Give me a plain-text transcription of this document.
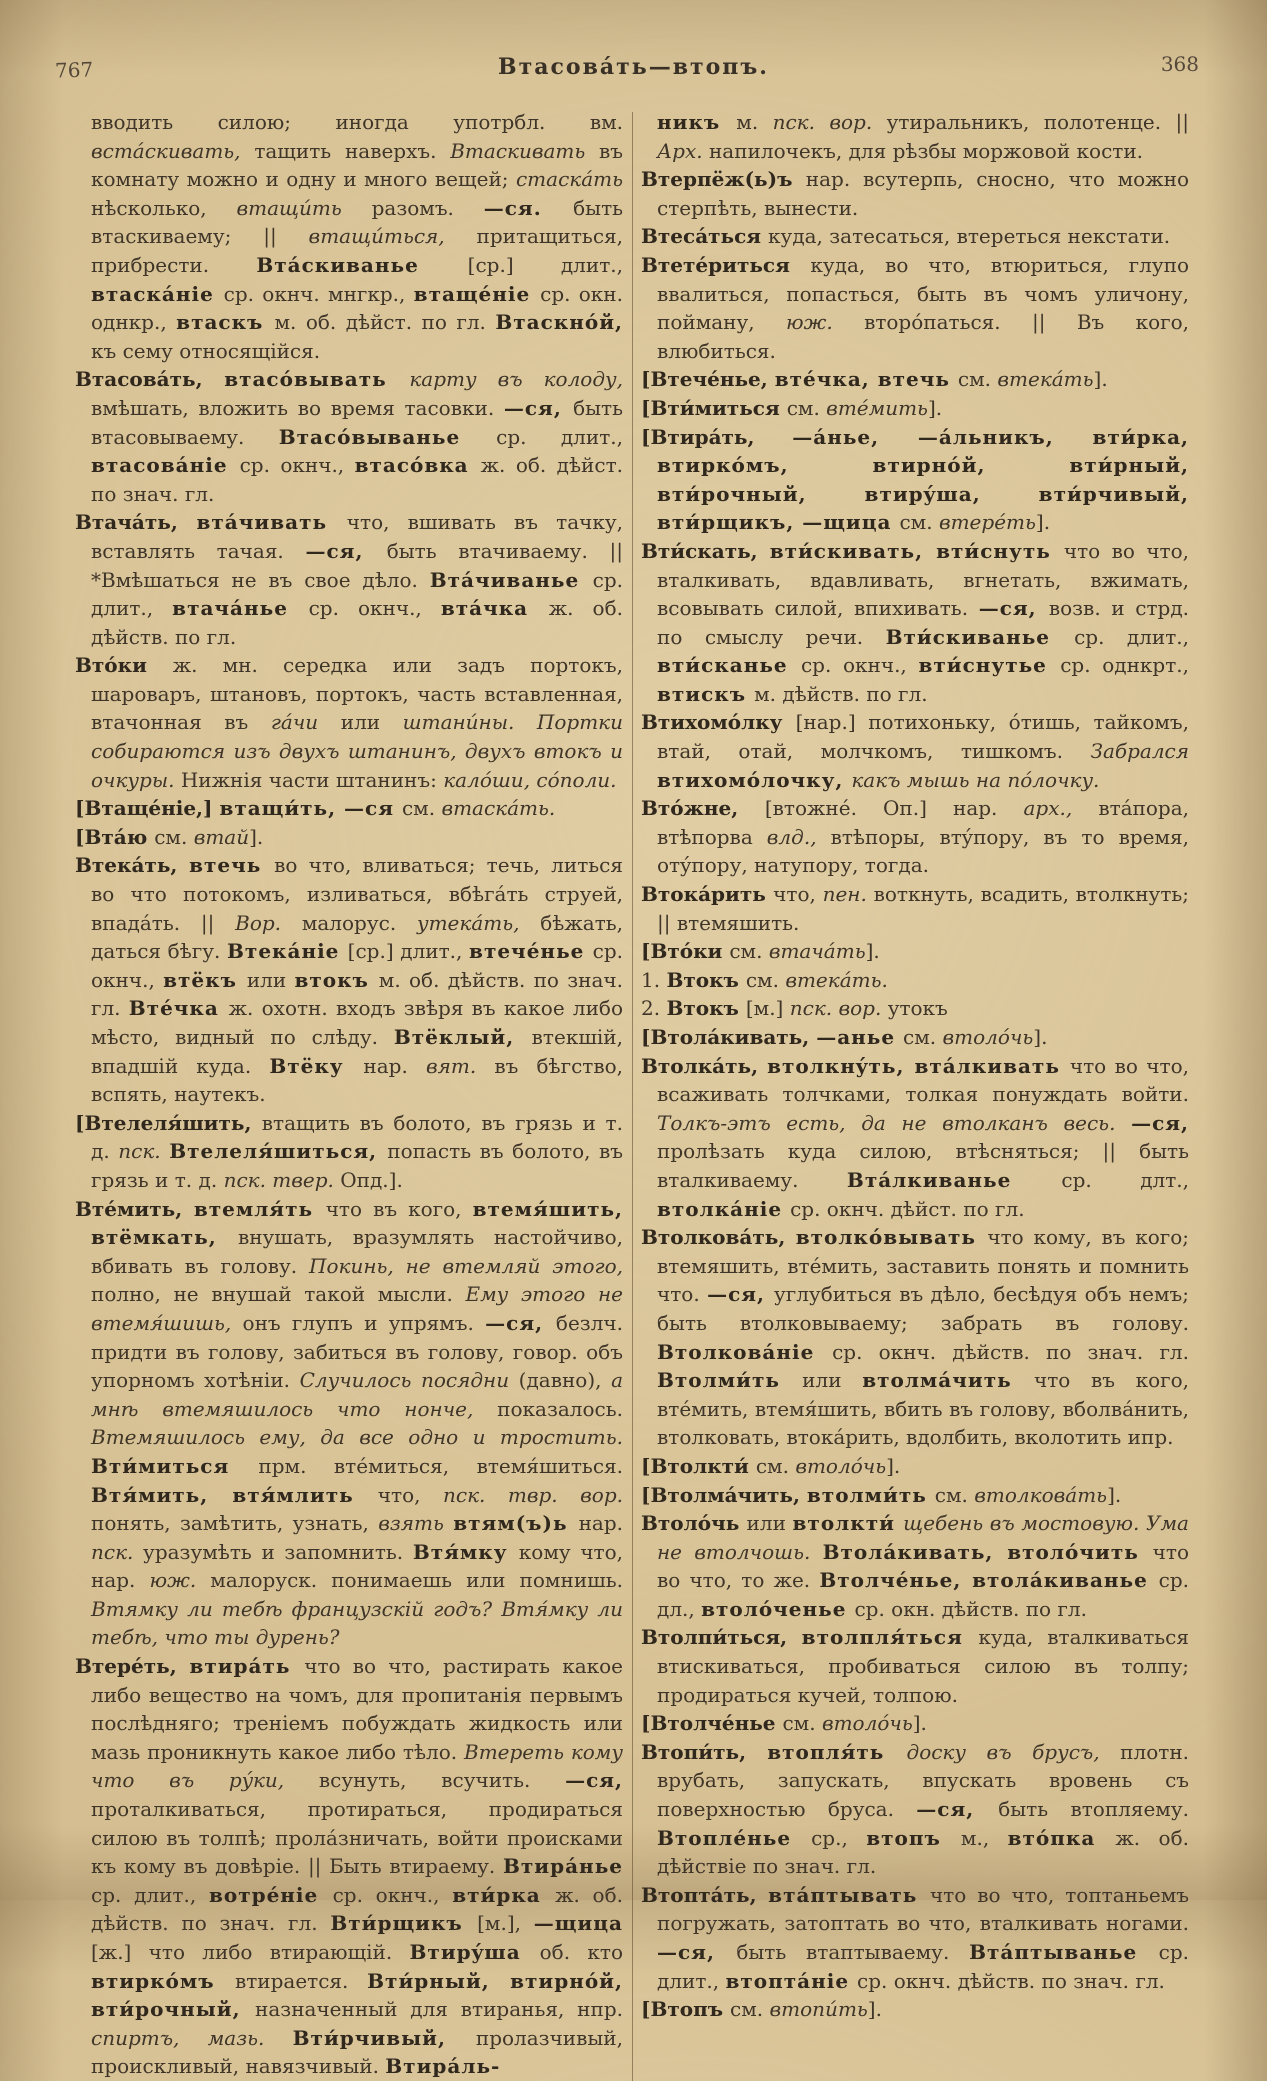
767	Втасовáть—втопъ.	368

вводить силою; иногда употрбл. вм. встáскивать, тащить наверхъ. Втаскивать въ комнату можно и одну и много вещей; стаскáть нѣсколько, втащи́ть разомъ. —ся. быть втаскиваему; || втащи́ться, притащиться, прибрести. Втáскиванье [ср.] длит., втаскáніе ср. окнч. мнгкр., втащéніе ср. окн. однкр., втаскъ м. об. дѣйст. по гл. Втаскнóй, къ сему относящійся.

Втасовáть, втасóвывать карту въ колоду, вмѣшать, вложить во время тасовки. —ся, быть втасовываему. Втасóвыванье ср. длит., втасовáніе ср. окнч., втасóвка ж. об. дѣйст. по знач. гл.

Втачáть, втáчивать что, вшивать въ тачку, вставлять тачая. —ся, быть втачиваему. || *Вмѣшаться не въ свое дѣло. Втáчиванье ср. длит., втачáнье ср. окнч., втáчка ж. об. дѣйств. по гл.

Втóки ж. мн. середка или задъ портокъ, шароваръ, штановъ, портокъ, часть вставленная, втачонная въ гáчи или штани́ны. Портки собираются изъ двухъ штанинъ, двухъ втокъ и очкуры. Нижнія части штанинъ: калóши, сóполи.

[Втащéніе,] втащи́ть, —ся см. втаскáть.

[Втáю см. втай].

Втекáть, втечь во что, вливаться; течь, литься во что потокомъ, изливаться, вбѣгáть струей, впадáть. || Вор. малорус. утекáть, бѣжать, даться бѣгу. Втекáніе [ср.] длит., втечéнье ср. окнч., втёкъ или втокъ м. об. дѣйств. по знач. гл. Втéчка ж. охотн. входъ звѣря въ какое либо мѣсто, видный по слѣду. Втёклый, втекшій, впадшій куда. Втёку нар. вят. въ бѣгство, вспять, наутекъ.

[Втелеля́шить, втащить въ болото, въ грязь и т. д. пск. Втелеля́шиться, попасть въ болото, въ грязь и т. д. пск. твер. Опд.].

Втéмить, втемля́ть что въ кого, втемя́шить, втёмкать, внушать, вразумлять настойчиво, вбивать въ голову. Покинь, не втемляй этого, полно, не внушай такой мысли. Ему этого не втемя́шишь, онъ глупъ и упрямъ. —ся, безлч. придти въ голову, забиться въ голову, говор. объ упорномъ хотѣніи. Случилось посядни (давно), а мнѣ втемяшилось что нонче, показалось. Втемяшилось ему, да все одно и тростить. Вти́миться прм. втéмиться, втемя́шиться. Втя́мить, втя́млить что, пск. твр. вор. понять, замѣтить, узнать, взять втям(ъ)ь нар. пск. уразумѣть и запомнить. Втя́мку кому что, нар. юж. малоруск. понимаешь или помнишь. Втямку ли тебѣ французскій годъ? Втя́мку ли тебѣ, что ты дурень?

Втерéть, втирáть что во что, растирать какое либо вещество на чомъ, для пропитанія первымъ послѣдняго; треніемъ побуждать жидкость или мазь проникнуть какое либо тѣло. Втереть кому что въ рýки, всунуть, всучить. —ся, проталкиваться, протираться, продираться силою въ толпѣ; пролáзничать, войти происками къ кому въ довѣріе. || Быть втираему. Втирáнье ср. длит., вотрéніе ср. окнч., вти́рка ж. об. дѣйств. по знач. гл. Вти́рщикъ [м.], —щица [ж.] что либо втирающій. Втирýша об. кто втиркóмъ втирается. Вти́рный, втирнóй, вти́рочный, назначенный для втиранья, нпр. спиртъ, мазь. Вти́рчивый, пролазчивый, проискливый, навязчивый. Втирáль-

никъ м. пск. вор. утиральникъ, полотенце. || Арх. напилочекъ, для рѣзбы моржовой кости.

Втерпёж(ь)ъ нар. всутерпь, сносно, что можно стерпѣть, вынести.

Втесáться куда, затесаться, втереться некстати.

Втетéриться куда, во что, втюриться, глупо ввалиться, попасться, быть въ чомъ уличону, пойману, юж. вторóпаться. || Въ кого, влюбиться.

[Втечéнье, втéчка, втечь см. втекáть].

[Вти́миться см. втéмить].

[Втирáть, —áнье, —áльникъ, вти́рка, втиркóмъ, втирнóй, вти́рный, вти́рочный, втирýша, вти́рчивый, вти́рщикъ, —щица см. втерéть].

Вти́скать, вти́скивать, вти́снуть что во что, вталкивать, вдавливать, вгнетать, вжимать, всовывать силой, впихивать. —ся, возв. и стрд. по смыслу речи. Вти́скиванье ср. длит., вти́сканье ср. окнч., вти́снутье ср. однкрт., втискъ м. дѣйств. по гл.

Втихомóлку [нар.] потихоньку, óтишь, тайкомъ, втай, отай, молчкомъ, тишкомъ. Забрался втихомóлочку, какъ мышь на пóлочку.

Втóжне, [втожнé. Оп.] нар. арх., втáпора, втѣпорва влд., втѣпоры, втýпору, въ то время, отýпору, натупору, тогда.

Втокáрить что, пен. воткнуть, всадить, втолкнуть; || втемяшить.

[Втóки см. втачáть].

1. Втокъ см. втекáть.

2. Втокъ [м.] пск. вор. утокъ

[Втолáкивать, —анье см. втолóчь].

Втолкáть, втолкнýть, втáлкивать что во что, всаживать толчками, толкая понуждать войти. Толкъ-этъ есть, да не втолканъ весь. —ся, пролѣзать куда силою, втѣсняться; || быть вталкиваему. Втáлкиванье ср. длт., втолкáніе ср. окнч. дѣйст. по гл.

Втолковáть, втолкóвывать что кому, въ кого; втемяшить, втéмить, заставить понять и помнить что. —ся, углубиться въ дѣло, бесѣдуя объ немъ; быть втолковываему; забрать въ голову. Втолковáніе ср. окнч. дѣйств. по знач. гл. Втолми́ть или втолмáчить что въ кого, втéмить, втемя́шить, вбить въ голову, вболвáнить, втолковать, втокáрить, вдолбить, вколотить ипр.

[Втолкти́ см. втолóчь].

[Втолмáчить, втолми́ть см. втолковáть].

Втолóчь или втолкти́ щебень въ мостовую. Ума не втолчошь. Втолáкивать, втолóчить что во что, то же. Втолчéнье, втолáкиванье ср. дл., втолóченье ср. окн. дѣйств. по гл.

Втолпи́ться, втолпля́ться куда, вталкиваться втискиваться, пробиваться силою въ толпу; продираться кучей, толпою.

[Втолчéнье см. втолóчь].

Втопи́ть, втопля́ть доску въ брусъ, плотн. врубать, запускать, впускать вровень съ поверхностью бруса. —ся, быть втопляему. Втоплéнье ср., втопъ м., втóпка ж. об. дѣйствіе по знач. гл.

Втоптáть, втáптывать что во что, топтаньемъ погружать, затоптать во что, вталкивать ногами. —ся, быть втаптываему. Втáптыванье ср. длит., втоптáніе ср. окнч. дѣйств. по знач. гл.

[Втопъ см. втопи́ть].
